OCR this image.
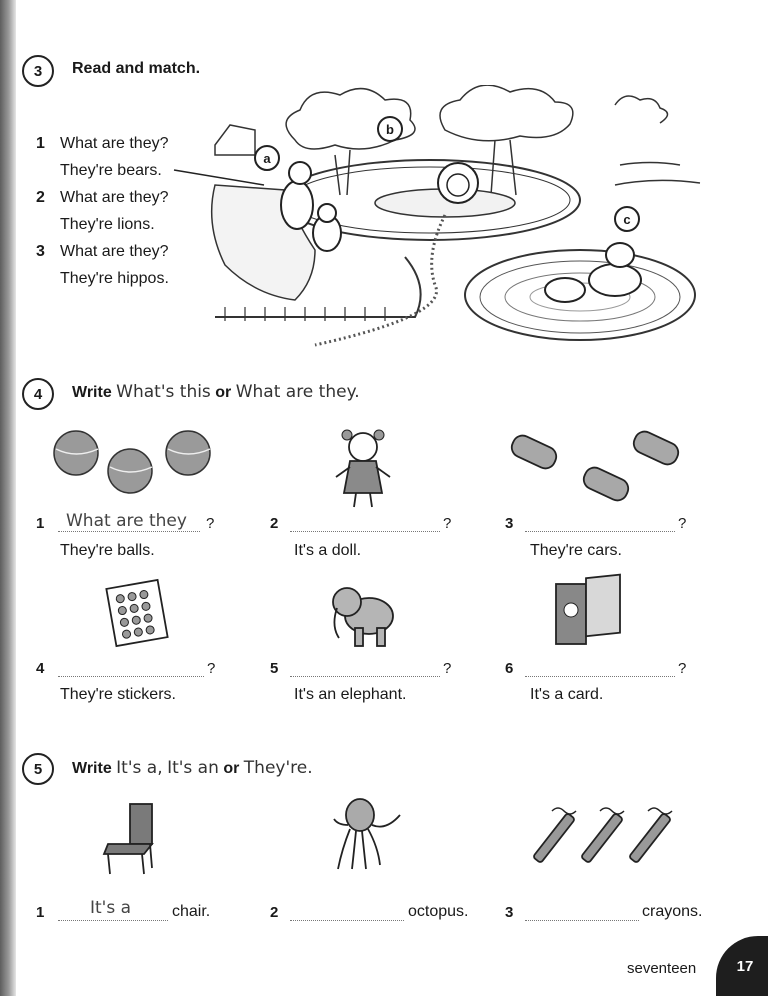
3	Read and match.
1 What are they?
They're bears.
2 What are they?
They're lions.
3 What are they?
They're hippos.
a
b
c
4	Write What's this or What are they.
1 What are they ?
They're balls.
2	?
It's a doll.
3	?
They're cars.
4	?
They're stickers.
5	?
It's an elephant.
6	?
It's a card.
5	Write It's a, It's an or They're.
1	It's a	chair.	2	octopus. 3	crayons.
seventeen	17
